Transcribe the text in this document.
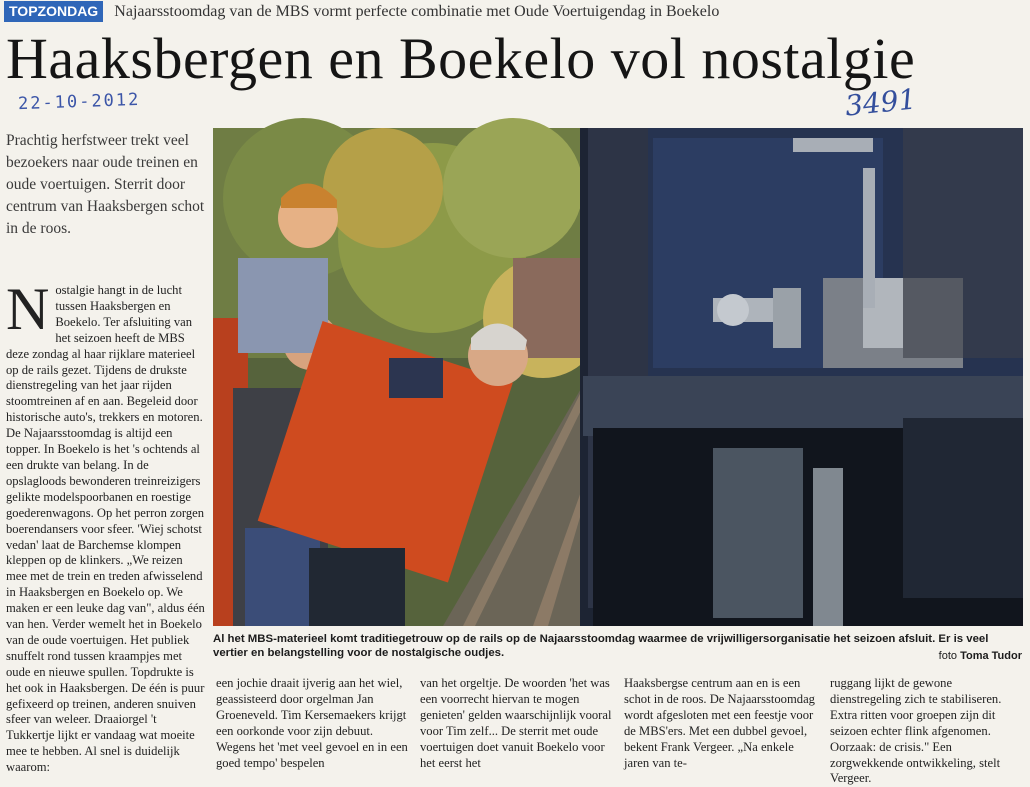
TOPZONDAG Najaarsstoomdag van de MBS vormt perfecte combinatie met Oude Voertuigendag in Boekelo
Haaksbergen en Boekelo vol nostalgie
22-10-2012	3491
Prachtig herfstweer trekt veel bezoekers naar oude treinen en oude voertuigen. Sterrit door centrum van Haaksbergen schot in de roos.
Nostalgie hangt in de lucht tussen Haaksbergen en Boekelo. Ter afsluiting van het seizoen heeft de MBS deze zondag al haar rijklare materieel op de rails gezet. Tijdens de drukste dienstregeling van het jaar rijden stoomtreinen af en aan. Begeleid door historische auto's, trekkers en motoren. De Najaarsstoomdag is altijd een topper. In Boekelo is het 's ochtends al een drukte van belang. In de opslagloods bewonderen treinreizigers gelikte modelspoorbanen en roestige goederenwagons. Op het perron zorgen boerendansers voor sfeer. 'Wiej schotst vedan' laat de Barchemse klompen kleppen op de klinkers. „We reizen mee met de trein en treden afwisselend in Haaksbergen en Boekelo op. We maken er een leuke dag van", aldus één van hen. Verder wemelt het in Boekelo van de oude voertuigen. Het publiek snuffelt rond tussen kraampjes met oude en nieuwe spullen. Topdrukte is het ook in Haaksbergen. De één is puur gefixeerd op treinen, anderen snuiven sfeer van weleer. Draaiorgel 't Tukkertje lijkt er vandaag wat moeite mee te hebben. Al snel is duidelijk waarom:
Al het MBS-materieel komt traditiegetrouw op de rails op de Najaarsstoomdag waarmee de vrijwilligersorganisatie het seizoen afsluit. Er is veel vertier en belangstelling voor de nostalgische oudjes.	foto Toma Tudor
een jochie draait ijverig aan het wiel, geassisteerd door orgelman Jan Groeneveld. Tim Kersemaekers krijgt een oorkonde voor zijn debuut. Wegens het 'met veel gevoel en in een goed tempo' bespelen
van het orgeltje. De woorden 'het was een voorrecht hiervan te mogen genieten' gelden waarschijnlijk vooral voor Tim zelf... De sterrit met oude voertuigen doet vanuit Boekelo voor het eerst het
Haaksbergse centrum aan en is een schot in de roos. De Najaarsstoomdag wordt afgesloten met een feestje voor de MBS'ers. Met een dubbel gevoel, bekent Frank Vergeer. „Na enkele jaren van te-
ruggang lijkt de gewone dienstregeling zich te stabiliseren. Extra ritten voor groepen zijn dit seizoen echter flink afgenomen. Oorzaak: de crisis." Een zorgwekkende ontwikkeling, stelt Vergeer.
